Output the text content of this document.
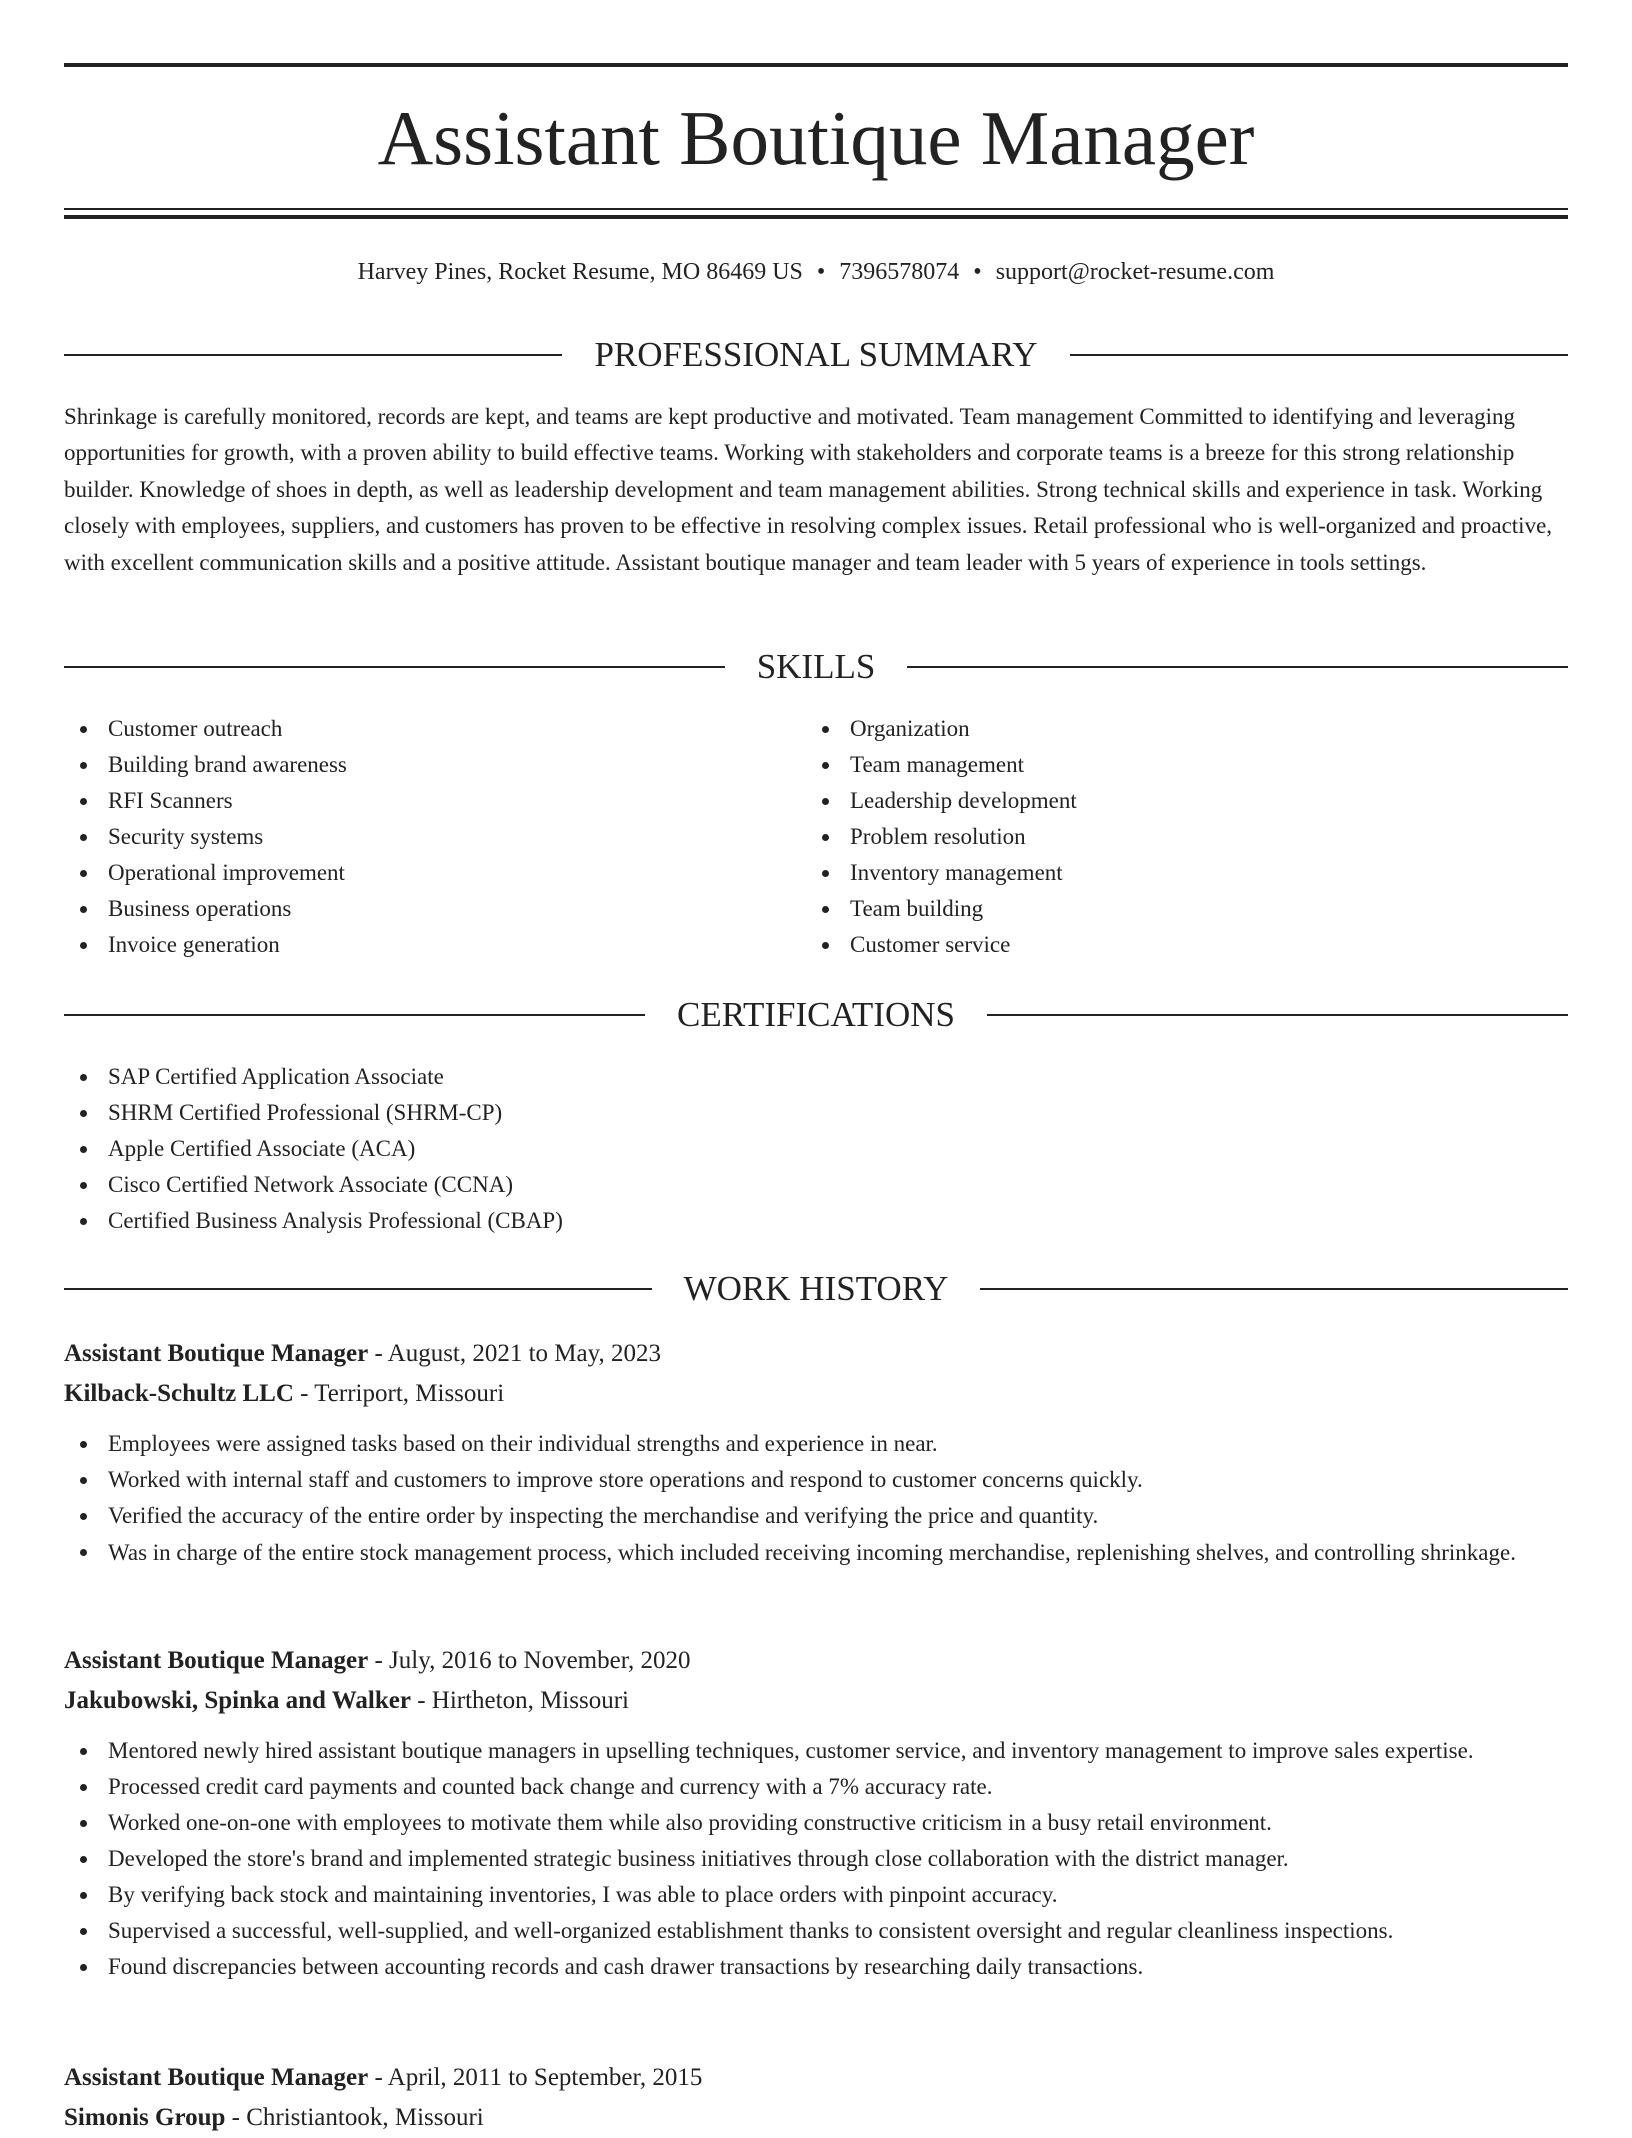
Assistant Boutique Manager
Harvey Pines, Rocket Resume, MO 86469 US • 7396578074 • support@rocket-resume.com
PROFESSIONAL SUMMARY

Shrinkage is carefully monitored, records are kept, and teams are kept productive and motivated. Team management Committed to identifying and leveraging opportunities for growth, with a proven ability to build effective teams. Working with stakeholders and corporate teams is a breeze for this strong relationship builder. Knowledge of shoes in depth, as well as leadership development and team management abilities. Strong technical skills and experience in task. Working closely with employees, suppliers, and customers has proven to be effective in resolving complex issues. Retail professional who is well-organized and proactive, with excellent communication skills and a positive attitude. Assistant boutique manager and team leader with 5 years of experience in tools settings.

SKILLS
Customer outreach
Building brand awareness
RFI Scanners
Security systems
Operational improvement
Business operations
Invoice generation
Organization
Team management
Leadership development
Problem resolution
Inventory management
Team building
Customer service
CERTIFICATIONS
SAP Certified Application Associate
SHRM Certified Professional (SHRM-CP)
Apple Certified Associate (ACA)
Cisco Certified Network Associate (CCNA)
Certified Business Analysis Professional (CBAP)
WORK HISTORY
Assistant Boutique Manager - August, 2021 to May, 2023
Kilback-Schultz LLC - Terriport, Missouri
Employees were assigned tasks based on their individual strengths and experience in near.
Worked with internal staff and customers to improve store operations and respond to customer concerns quickly.
Verified the accuracy of the entire order by inspecting the merchandise and verifying the price and quantity.
Was in charge of the entire stock management process, which included receiving incoming merchandise, replenishing shelves, and controlling shrinkage.
Assistant Boutique Manager - July, 2016 to November, 2020
Jakubowski, Spinka and Walker - Hirtheton, Missouri
Mentored newly hired assistant boutique managers in upselling techniques, customer service, and inventory management to improve sales expertise.
Processed credit card payments and counted back change and currency with a 7% accuracy rate.
Worked one-on-one with employees to motivate them while also providing constructive criticism in a busy retail environment.
Developed the store's brand and implemented strategic business initiatives through close collaboration with the district manager.
By verifying back stock and maintaining inventories, I was able to place orders with pinpoint accuracy.
Supervised a successful, well-supplied, and well-organized establishment thanks to consistent oversight and regular cleanliness inspections.
Found discrepancies between accounting records and cash drawer transactions by researching daily transactions.
Assistant Boutique Manager - April, 2011 to September, 2015
Simonis Group - Christiantook, Missouri
